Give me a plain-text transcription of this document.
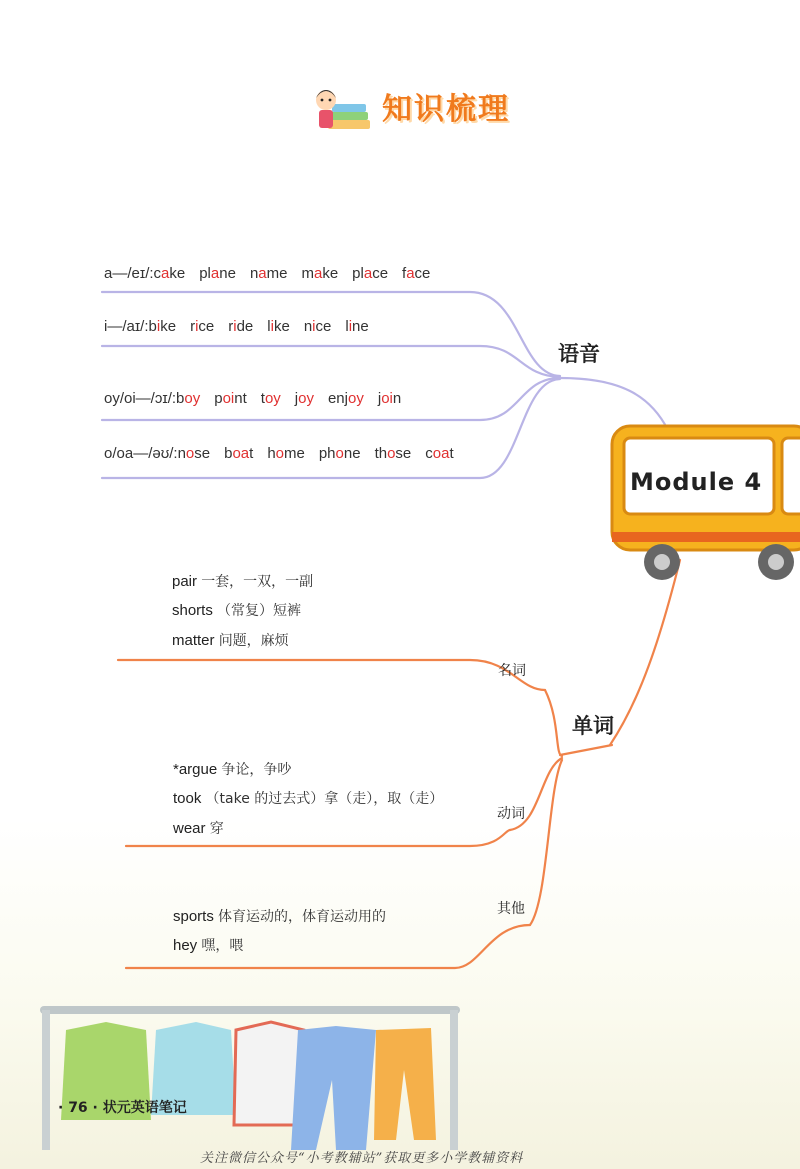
知识梳理
a—/eɪ/:cake plane name make place face
i—/aɪ/:bike rice ride like nice line
oy/oi—/ɔɪ/:boy point toy joy enjoy join
o/oa—/əʊ/:nose boat home phone those coat
语音
Module 4
单词
名词
动词
其他
pair 一套，一双，一副
shorts （常复）短裤
matter 问题，麻烦
*argue 争论，争吵
took （take 的过去式）拿（走），取（走）
wear 穿
sports 体育运动的，体育运动用的
hey 嘿，喂
· 76 · 状元英语笔记
关注微信公众号“小考教辅站”获取更多小学教辅资料
